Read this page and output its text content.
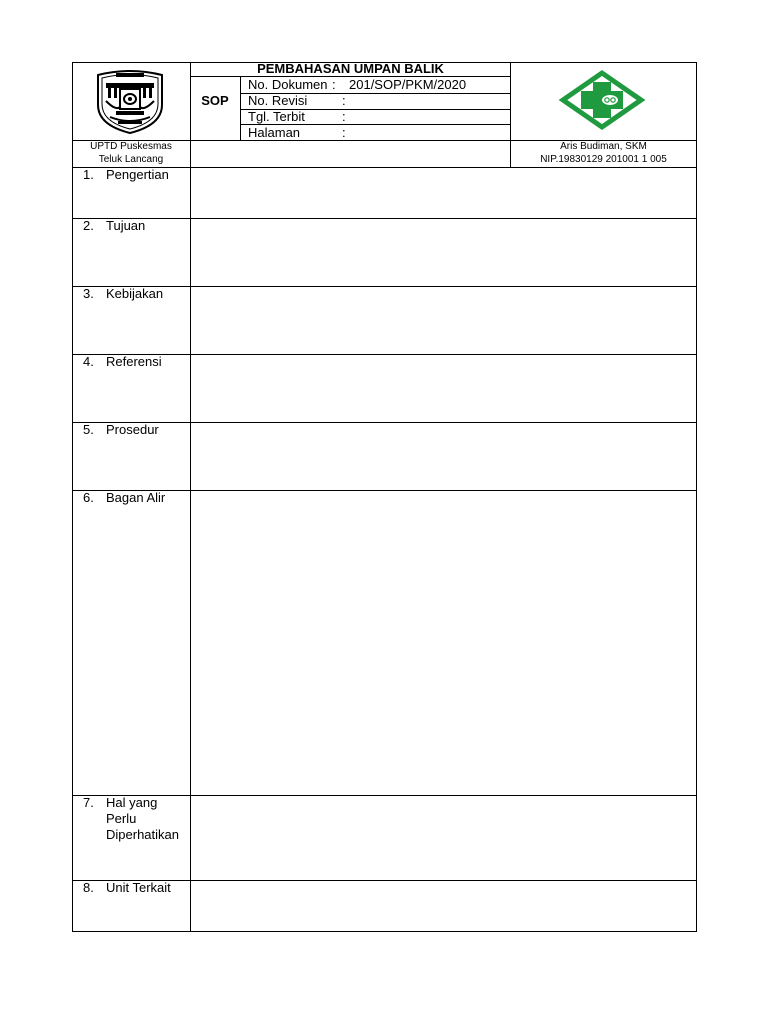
PEMBAHASAN UMPAN BALIK
SOP
No. Dokumen : 201/SOP/PKM/2020
No. Revisi	:
Tgl. Terbit	:
Halaman	:
UPTD Puskesmas
Teluk Lancang
Aris Budiman, SKM
NIP.19830129 201001 1 005
1. Pengertian
2. Tujuan
3. Kebijakan
4. Referensi
5. Prosedur
6. Bagan Alir
7. Hal yang Perlu Diperhatikan
8. Unit Terkait
